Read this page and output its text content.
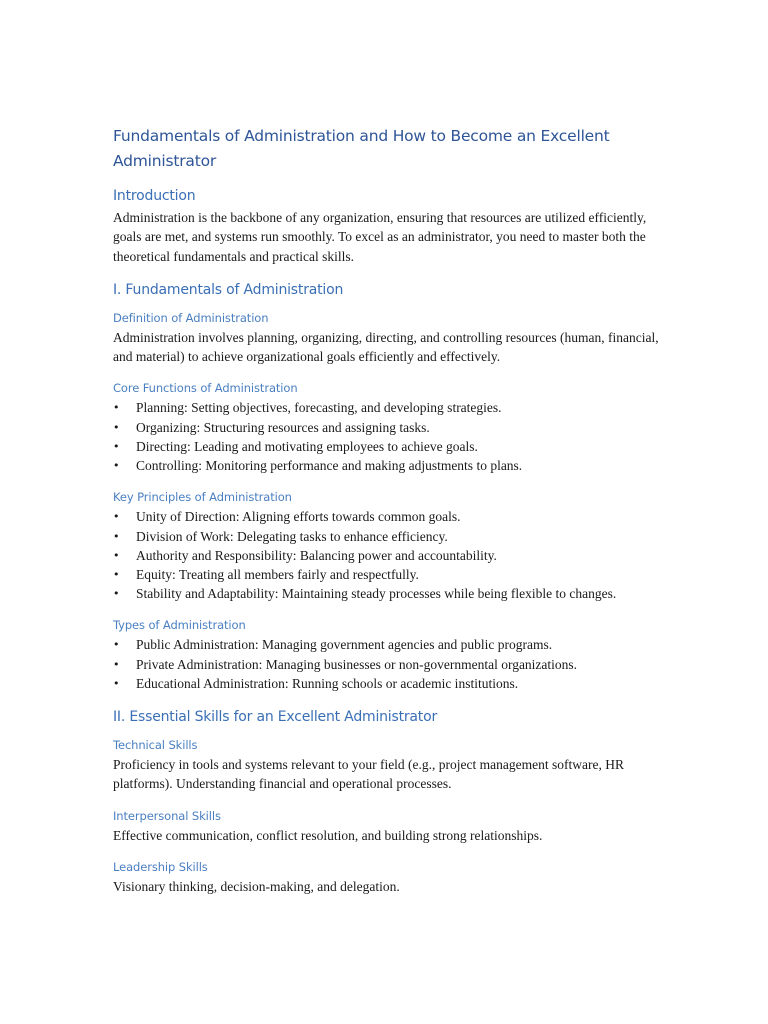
Fundamentals of Administration and How to Become an Excellent Administrator
Introduction

Administration is the backbone of any organization, ensuring that resources are utilized efficiently, goals are met, and systems run smoothly. To excel as an administrator, you need to master both the theoretical fundamentals and practical skills.

I. Fundamentals of Administration
Definition of Administration

Administration involves planning, organizing, directing, and controlling resources (human, financial, and material) to achieve organizational goals efficiently and effectively.

Core Functions of Administration
• Planning: Setting objectives, forecasting, and developing strategies.
• Organizing: Structuring resources and assigning tasks.
• Directing: Leading and motivating employees to achieve goals.
• Controlling: Monitoring performance and making adjustments to plans.
Key Principles of Administration
• Unity of Direction: Aligning efforts towards common goals.
• Division of Work: Delegating tasks to enhance efficiency.
• Authority and Responsibility: Balancing power and accountability.
• Equity: Treating all members fairly and respectfully.
• Stability and Adaptability: Maintaining steady processes while being flexible to changes.
Types of Administration
• Public Administration: Managing government agencies and public programs.
• Private Administration: Managing businesses or non-governmental organizations.
• Educational Administration: Running schools or academic institutions.
II. Essential Skills for an Excellent Administrator
Technical Skills

Proficiency in tools and systems relevant to your field (e.g., project management software, HR platforms). Understanding financial and operational processes.

Interpersonal Skills

Effective communication, conflict resolution, and building strong relationships.

Leadership Skills

Visionary thinking, decision-making, and delegation.
